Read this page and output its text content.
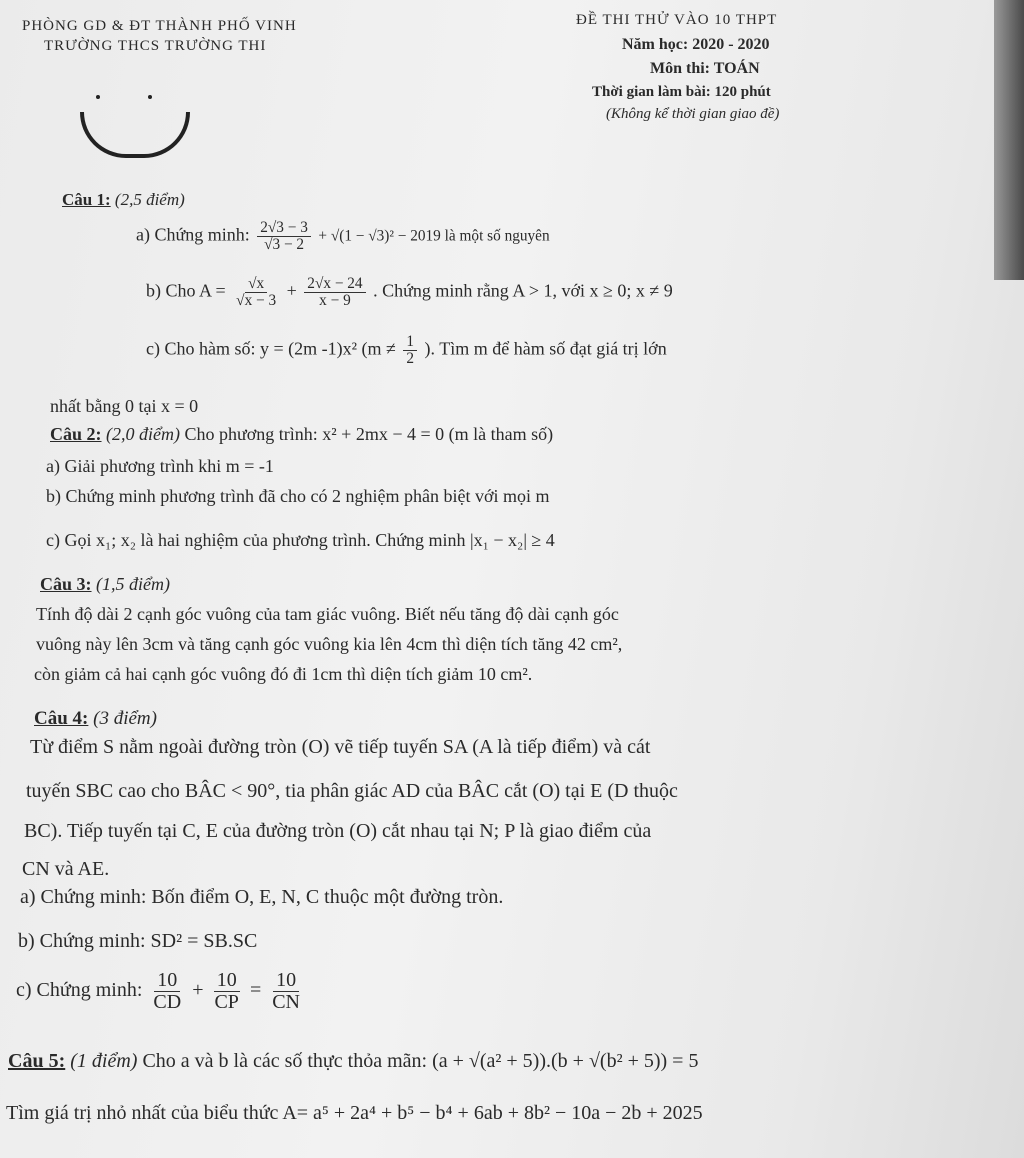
PHÒNG GD & ĐT THÀNH PHỐ VINH
TRƯỜNG THCS TRƯỜNG THI
ĐỀ THI THỬ VÀO 10 THPT
Năm học: 2020 - 2020
Môn thi: TOÁN
Thời gian làm bài: 120 phút
(Không kể thời gian giao đề)
Câu 1: (2,5 điểm)
a) Chứng minh: $\frac{2√3 - 3}{√3 - 2} + √(1 - √3)^2 - 2019$ là một số nguyên
b) Cho $A = \frac{√x}{√x - 3} + \frac{2√x - 24}{x - 9}$ . Chứng minh rằng A > 1, với x ≥ 0; x ≠ 9
c) Cho hàm số: y = (2m -1)x² ($m \ne \frac{1}{2}$ ). Tìm m để hàm số đạt giá trị lớn
nhất bằng 0 tại x = 0
Câu 2: (2,0 điểm) Cho phương trình: x² + 2mx − 4 = 0 (m là tham số)
a) Giải phương trình khi m = -1
b) Chứng minh phương trình đã cho có 2 nghiệm phân biệt với mọi m
c) Gọi x₁; x₂ là hai nghiệm của phương trình. Chứng minh |x₁ − x₂| ≥ 4
Câu 3: (1,5 điểm)
Tính độ dài 2 cạnh góc vuông của tam giác vuông. Biết nếu tăng độ dài cạnh góc
vuông này lên 3cm và tăng cạnh góc vuông kia lên 4cm thì diện tích tăng 42 cm²,
còn giảm cả hai cạnh góc vuông đó đi 1cm thì diện tích giảm 10 cm².
Câu 4: (3 điểm)
Từ điểm S nằm ngoài đường tròn (O) vẽ tiếp tuyến SA (A là tiếp điểm) và cát
tuyến SBC cao cho BÂC < 90°, tia phân giác AD của BÂC cắt (O) tại E (D thuộc
BC). Tiếp tuyến tại C, E của đường tròn (O) cắt nhau tại N; P là giao điểm của
CN và AE.
a) Chứng minh: Bốn điểm O, E, N, C thuộc một đường tròn.
b) Chứng minh: SD² = SB.SC
c) Chứng minh: $\frac{10}{CD} + \frac{10}{CP} = \frac{10}{CN}$
Câu 5: (1 điểm) Cho a và b là các số thực thỏa mãn: (a + √(a² + 5)).(b + √(b² + 5)) = 5
Tìm giá trị nhỏ nhất của biểu thức A= a⁵ + 2a⁴ + b⁵ − b⁴ + 6ab + 8b² − 10a − 2b + 2025
